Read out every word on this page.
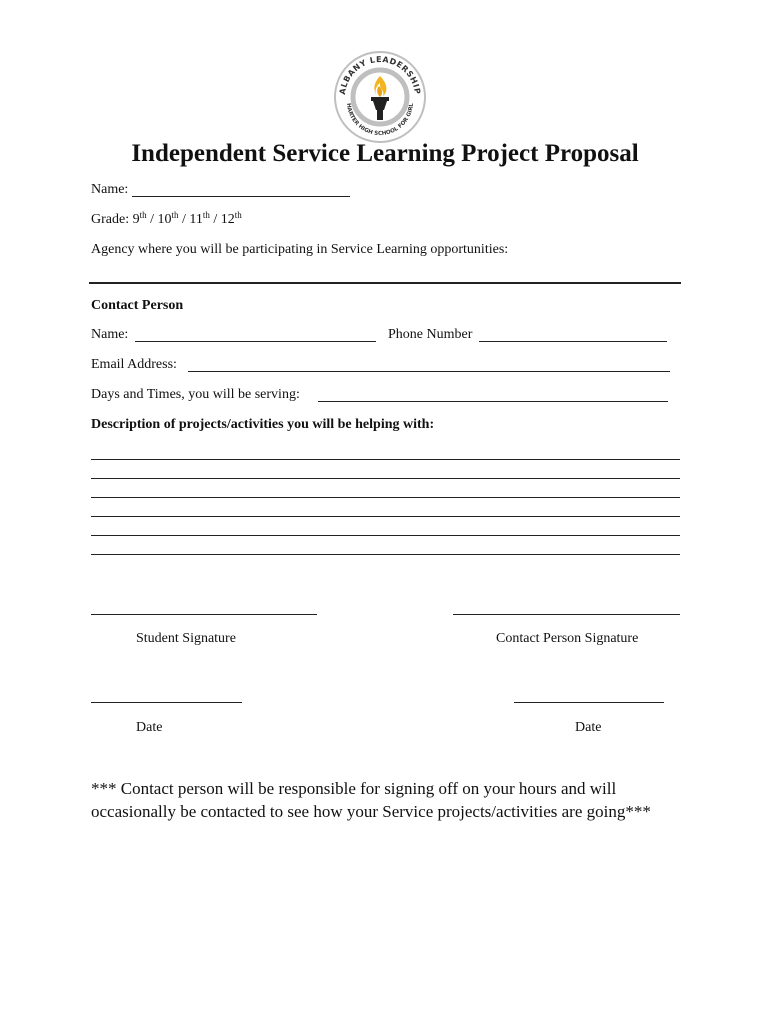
ALBANY LEADERSHIP
HARTER HIGH SCHOOL FOR GIRL
Independent Service Learning Project Proposal
Name:
Grade: 9th / 10th / 11th / 12th
Agency where you will be participating in Service Learning opportunities:
Contact Person
Name:	Phone Number
Email Address:
Days and Times, you will be serving:
Description of projects/activities you will be helping with:
Student Signature	Contact Person Signature
Date	Date
*** Contact person will be responsible for signing off on your hours and will
occasionally be contacted to see how your Service projects/activities are going***
